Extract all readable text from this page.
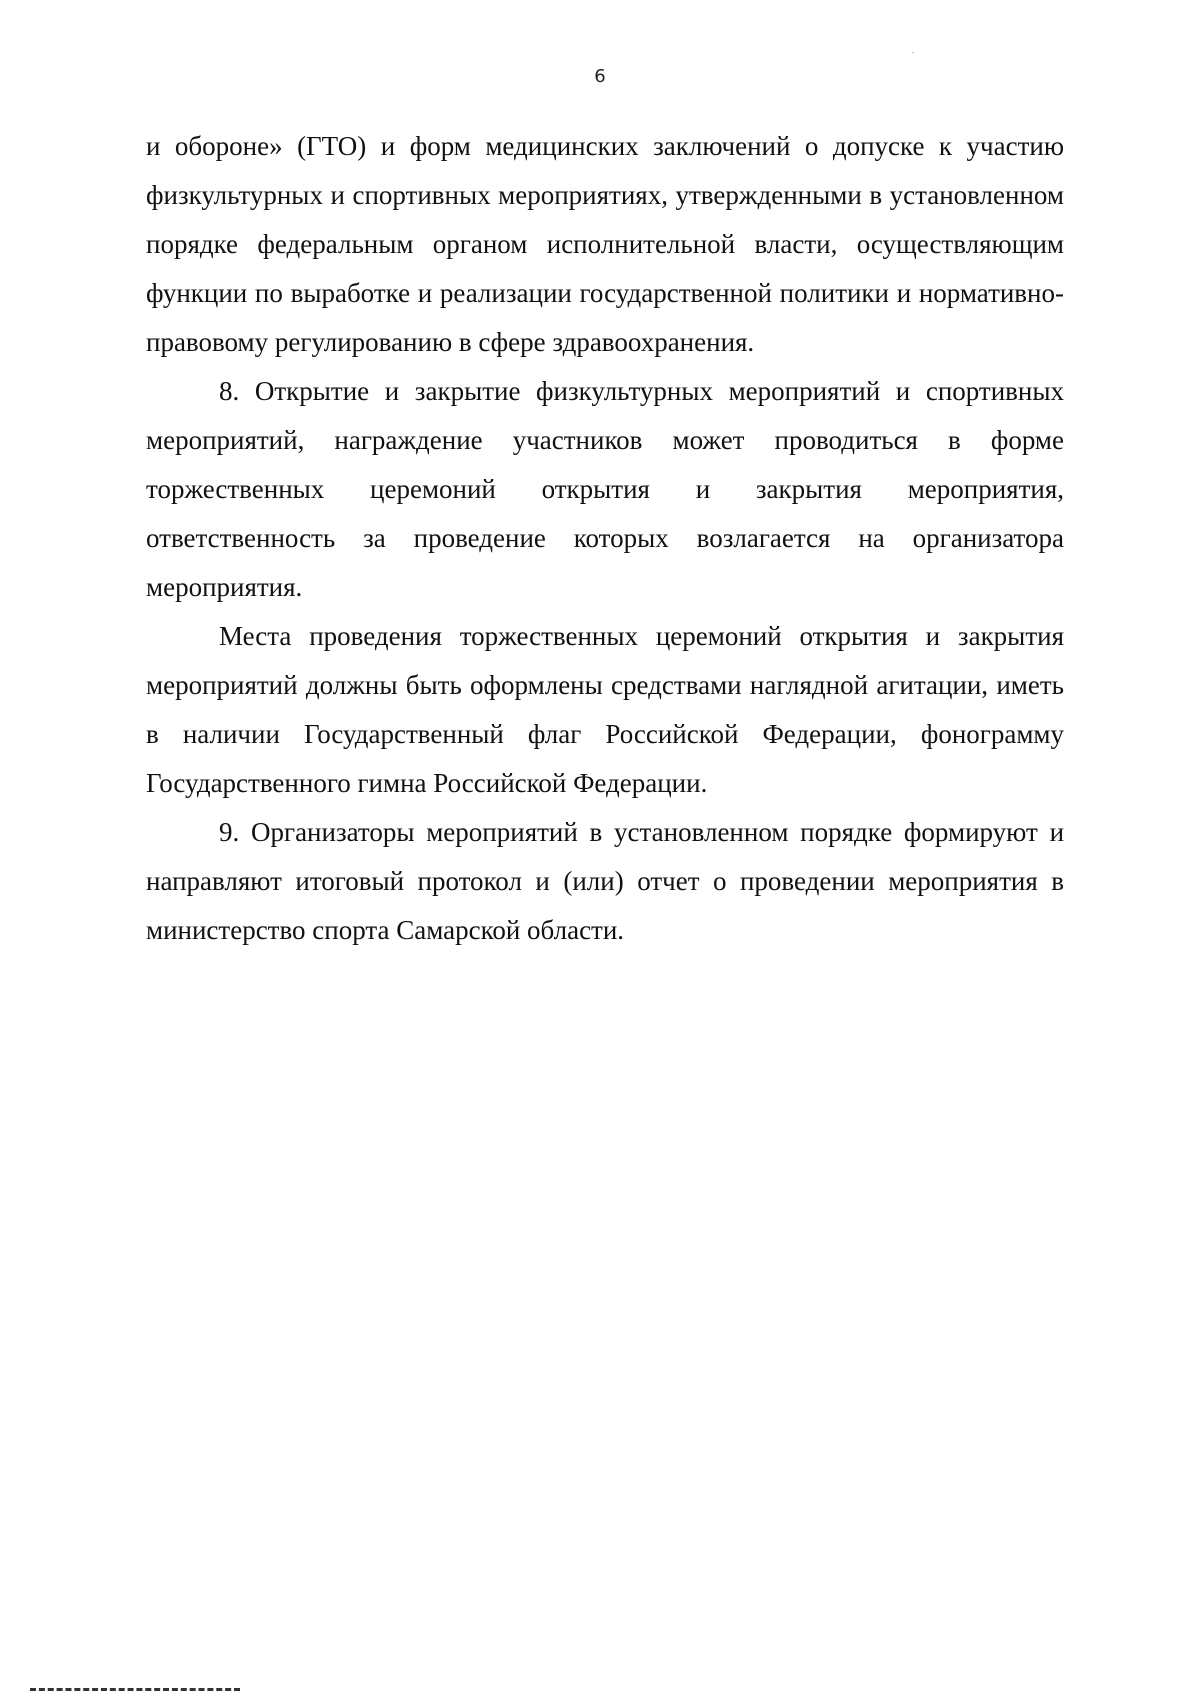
6

и обороне» (ГТО) и форм медицинских заключений о допуске к участию физкультурных и спортивных мероприятиях, утвержденными в установленном порядке федеральным органом исполнительной власти, осуществляющим функции по выработке и реализации государственной политики и нормативно-правовому регулированию в сфере здравоохранения.

8. Открытие и закрытие физкультурных мероприятий и спортивных мероприятий, награждение участников может проводиться в форме торжественных церемоний открытия и закрытия мероприятия, ответственность за проведение которых возлагается на организатора мероприятия.

Места проведения торжественных церемоний открытия и закрытия мероприятий должны быть оформлены средствами наглядной агитации, иметь в наличии Государственный флаг Российской Федерации, фонограмму Государственного гимна Российской Федерации.

9. Организаторы мероприятий в установленном порядке формируют и направляют итоговый протокол и (или) отчет о проведении мероприятия в министерство спорта Самарской области.
